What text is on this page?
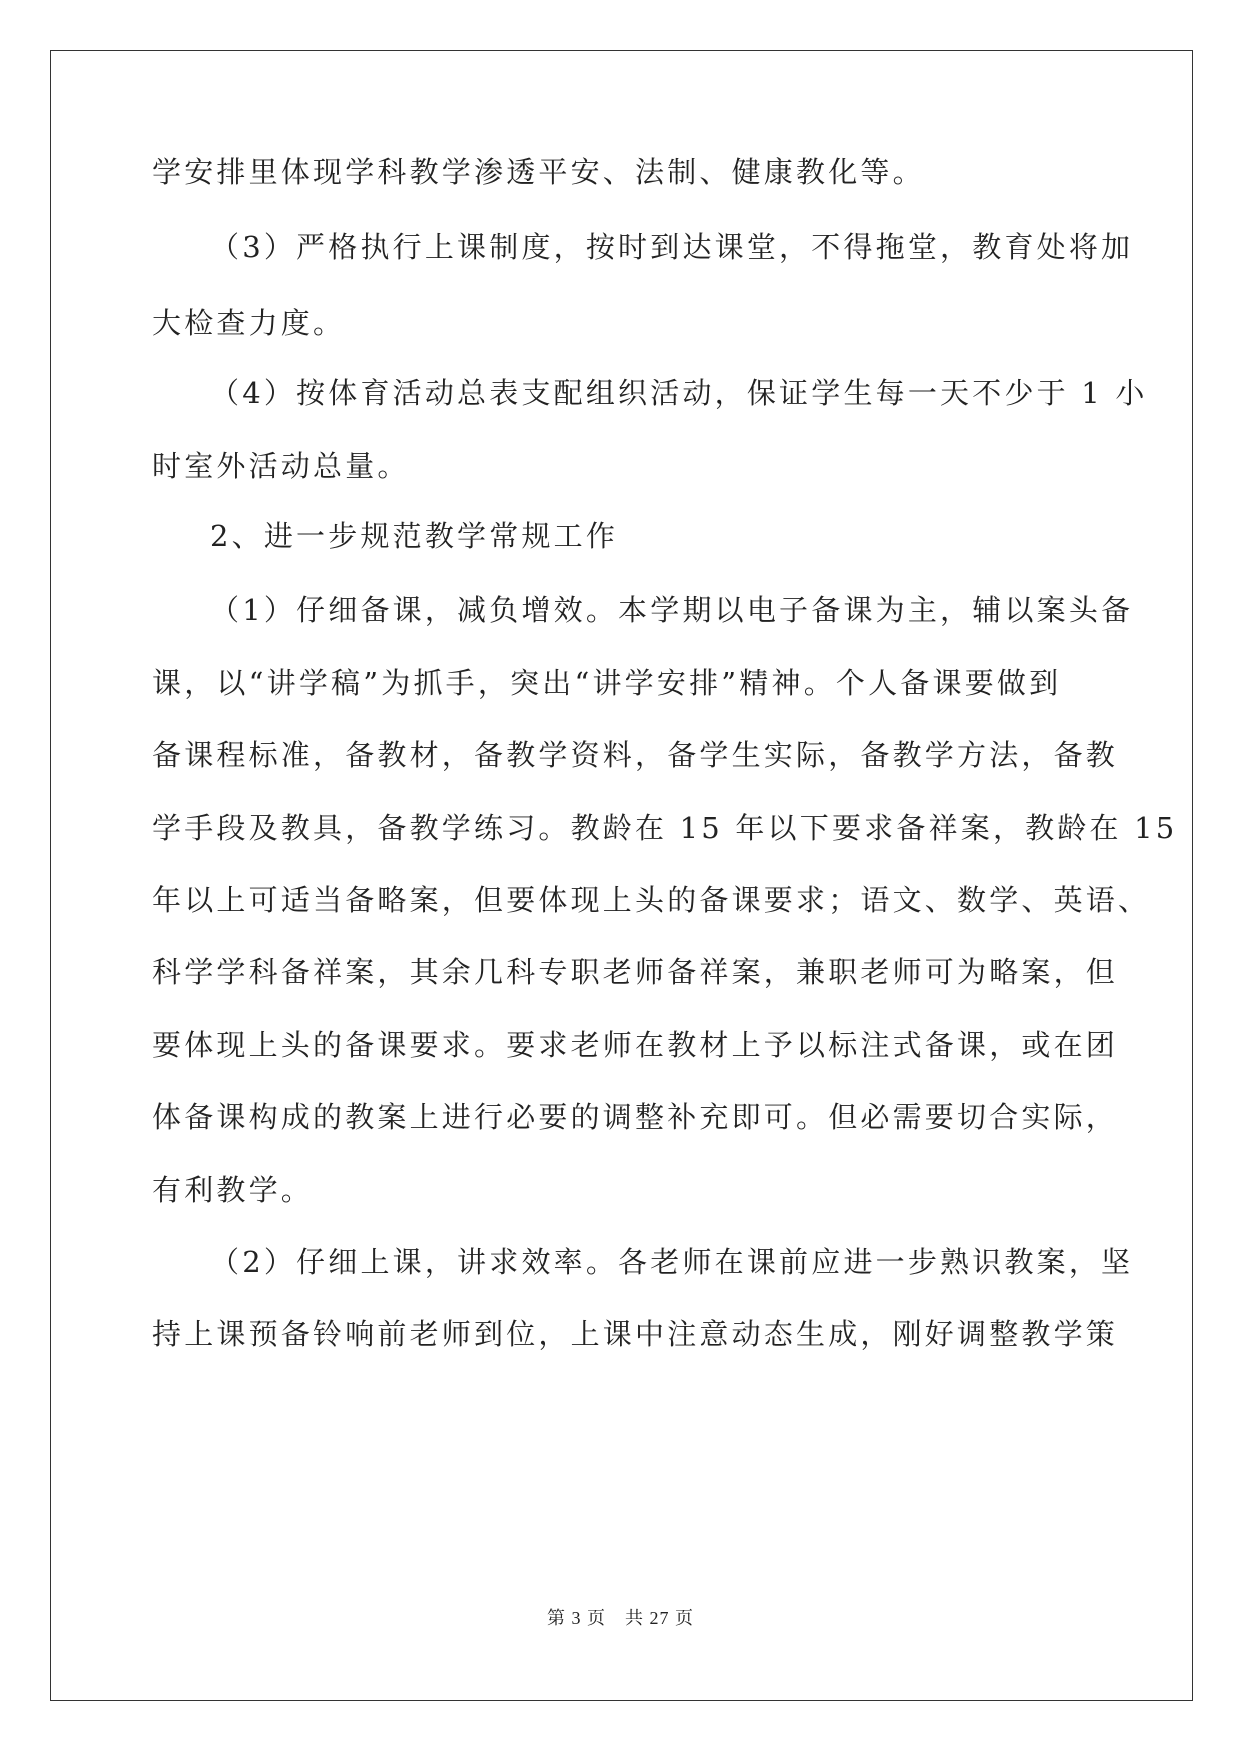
学安排里体现学科教学渗透平安、法制、健康教化等。
（3）严格执行上课制度，按时到达课堂，不得拖堂，教育处将加
大检查力度。
（4）按体育活动总表支配组织活动，保证学生每一天不少于 1 小
时室外活动总量。
2、进一步规范教学常规工作
（1）仔细备课，减负增效。本学期以电子备课为主，辅以案头备
课，以“讲学稿”为抓手，突出“讲学安排”精神。个人备课要做到
备课程标准，备教材，备教学资料，备学生实际，备教学方法，备教
学手段及教具，备教学练习。教龄在 15 年以下要求备祥案，教龄在 15
年以上可适当备略案，但要体现上头的备课要求；语文、数学、英语、
科学学科备祥案，其余几科专职老师备祥案，兼职老师可为略案，但
要体现上头的备课要求。要求老师在教材上予以标注式备课，或在团
体备课构成的教案上进行必要的调整补充即可。但必需要切合实际，
有利教学。
（2）仔细上课，讲求效率。各老师在课前应进一步熟识教案，坚
持上课预备铃响前老师到位，上课中注意动态生成，刚好调整教学策
第 3 页　共 27 页
